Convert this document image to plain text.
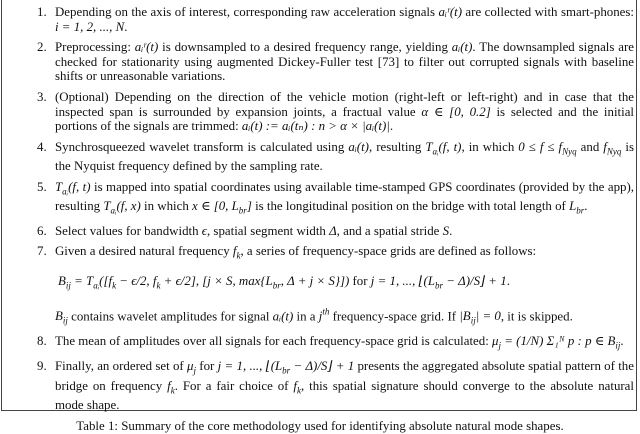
1. Depending on the axis of interest, corresponding raw acceleration signals aᵢʳ(t) are collected with smart-phones: i = 1, 2, ..., N.
2. Preprocessing: aᵢʳ(t) is downsampled to a desired frequency range, yielding aᵢ(t). The downsampled signals are checked for stationarity using augmented Dickey-Fuller test [73] to filter out corrupted signals with baseline shifts or unreasonable variations.
3. (Optional) Depending on the direction of the vehicle motion (right-left or left-right) and in case that the inspected span is surrounded by expansion joints, a fractual value α ∈ [0, 0.2] is selected and the initial portions of the signals are trimmed: aᵢ(t) := aᵢ(tₙ) : n > α × |aᵢ(t)|.
4. Synchrosqueezed wavelet transform is calculated using aᵢ(t), resulting $T_{aᵢ}(f$, t), in which $0 \le f \le f_{Nyq}$ and $f_{Nyq}$ is the Nyquist frequency defined by the sampling rate.
5. $T_{aᵢ}(f$, t) is mapped into spatial coordinates using available time-stamped GPS coordinates (provided by the app), resulting $T_{aᵢ}(f$, x) in which x ∈ [0, $L_{br}$] is the longitudinal position on the bridge with total length of $L_{br}$.
6. Select values for bandwidth ϵ, spatial segment width Δ, and a spatial stride S.
7. Given a desired natural frequency $f_k$, a series of frequency-space grids are defined as follows:
$B_{ij} = T_{aᵢ}([f_k - \epsilon/2$, $f_k + \epsilon/2$], [j × S, $\max\{L_{br}$, Δ + j × S}]) for j = 1, ..., $⌊(L_{br}$ − Δ)/S⌋ + 1.
$B_{ij}$ contains wavelet amplitudes for signal aᵢ(t) in a $j^{th}$ frequency-space grid. If $|B_{ij}| = 0$, it is skipped.
8. The mean of amplitudes over all signals for each frequency-space grid is calculated: $\mu_j = (1/N)$ Σ₁ᴺ p : p ∈ $B_{ij}$.
9. Finally, an ordered set of $\mu_j$ for j = 1, ..., $⌊(L_{br}$ − Δ)/S⌋ + 1 presents the aggregated absolute spatial pattern of the bridge on frequency $f_k$. For a fair choice of $f_k$, this spatial signature should converge to the absolute natural mode shape.
Table 1: Summary of the core methodology used for identifying absolute natural mode shapes.
